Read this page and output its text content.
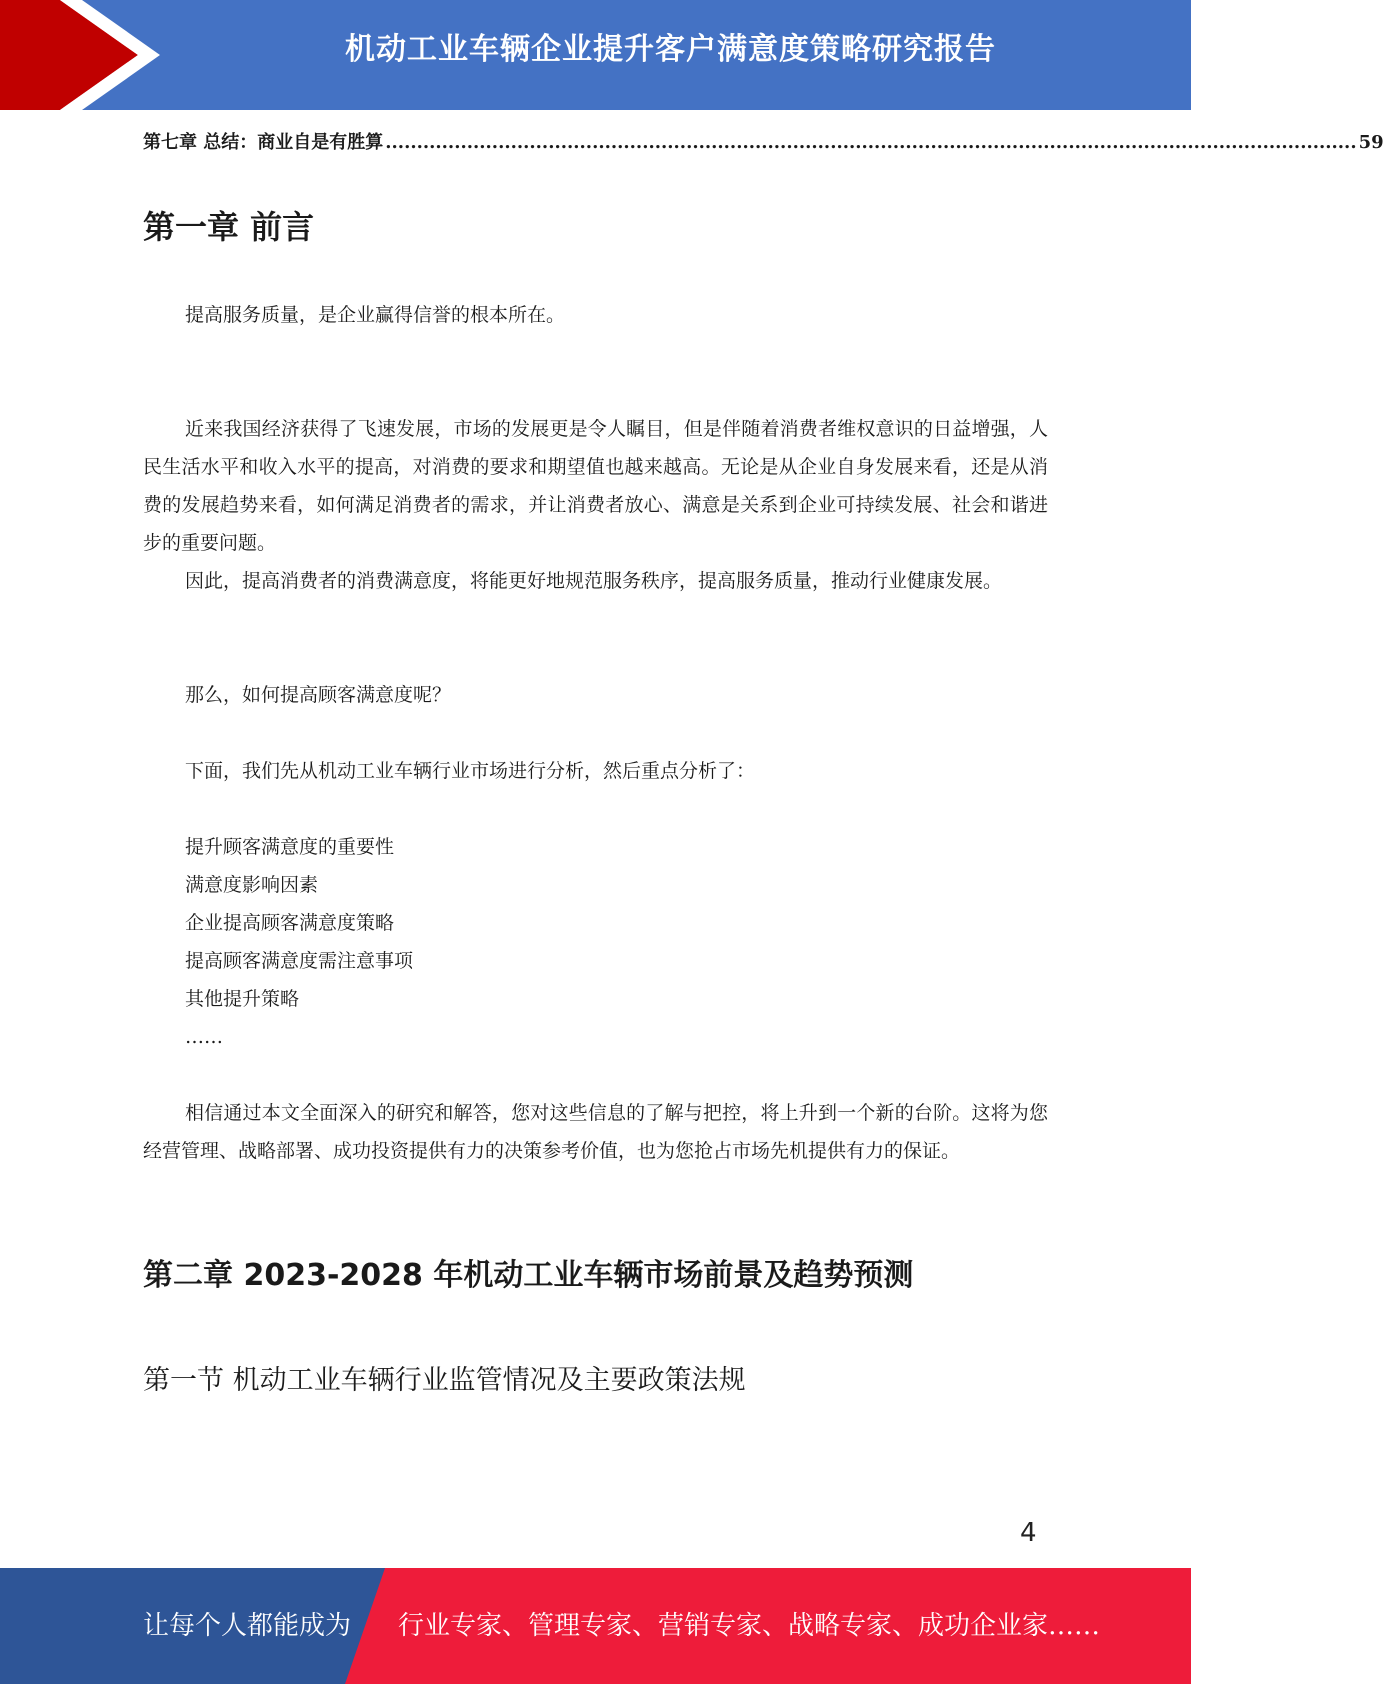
机动工业车辆企业提升客户满意度策略研究报告
第七章 总结：商业自是有胜算 ........................................................................................................................................................... 59
第一章 前言

提高服务质量，是企业赢得信誉的根本所在。

近来我国经济获得了飞速发展，市场的发展更是令人瞩目，但是伴随着消费者维权意识的日益增强，人民生活水平和收入水平的提高，对消费的要求和期望值也越来越高。无论是从企业自身发展来看，还是从消费的发展趋势来看，如何满足消费者的需求，并让消费者放心、满意是关系到企业可持续发展、社会和谐进步的重要问题。

因此，提高消费者的消费满意度，将能更好地规范服务秩序，提高服务质量，推动行业健康发展。

那么，如何提高顾客满意度呢？

下面，我们先从机动工业车辆行业市场进行分析，然后重点分析了：

提升顾客满意度的重要性
满意度影响因素
企业提高顾客满意度策略
提高顾客满意度需注意事项
其他提升策略
……

相信通过本文全面深入的研究和解答，您对这些信息的了解与把控，将上升到一个新的台阶。这将为您经营管理、战略部署、成功投资提供有力的决策参考价值，也为您抢占市场先机提供有力的保证。

第二章 2023-2028 年机动工业车辆市场前景及趋势预测
第一节 机动工业车辆行业监管情况及主要政策法规
4
让每个人都能成为 行业专家、管理专家、营销专家、战略专家、成功企业家……
